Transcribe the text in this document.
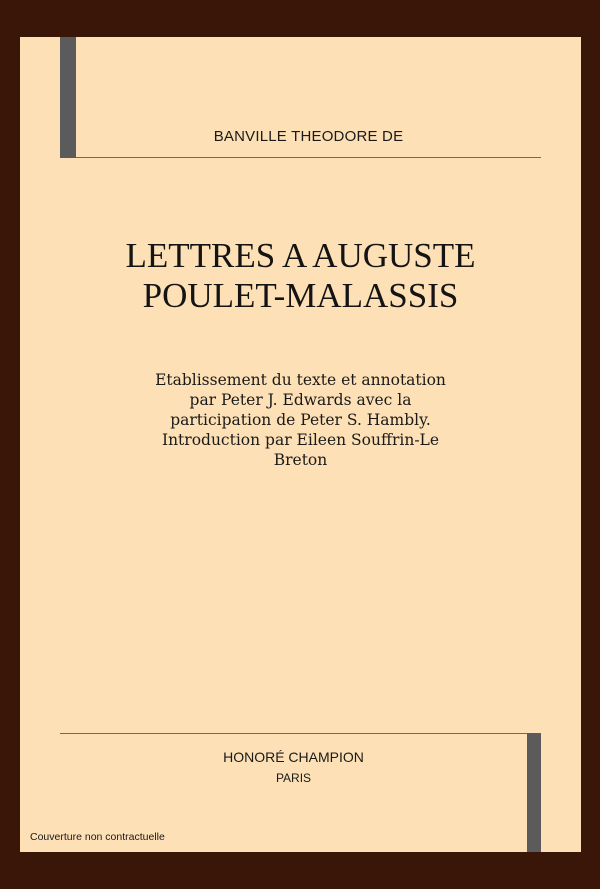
BANVILLE THEODORE DE
LETTRES A AUGUSTE
POULET-MALASSIS
Etablissement du texte et annotation
par Peter J. Edwards avec la
participation de Peter S. Hambly.
Introduction par Eileen Souffrin-Le
Breton
HONORÉ CHAMPION
PARIS
Couverture non contractuelle
